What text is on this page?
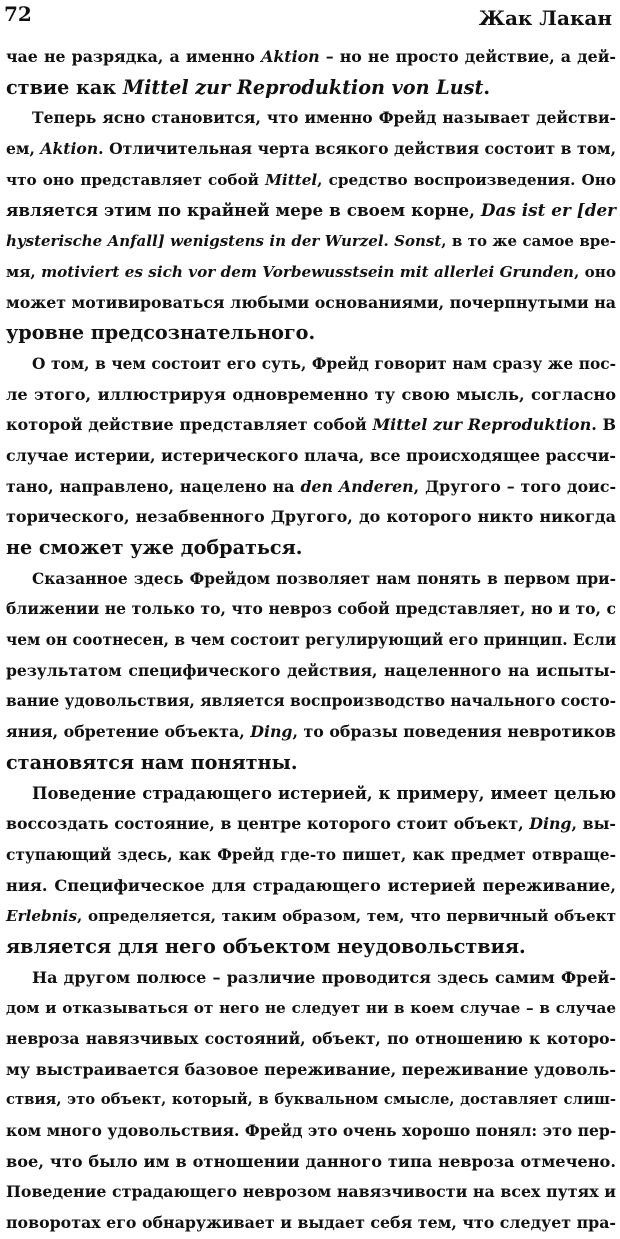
72	Жак Лакан
чае не разрядка, а именно Aktion – но не просто действие, а дей-
ствие как Mittel zur Reproduktion von Lust.
Теперь ясно становится, что именно Фрейд называет действи-
ем, Aktion. Отличительная черта всякого действия состоит в том,
что оно представляет собой Mittel, средство воспроизведения. Оно
является этим по крайней мере в своем корне, Das ist er [der
hysterische Anfall] wenigstens in der Wurzel. Sonst, в то же самое вре-
мя, motiviert es sich vor dem Vorbewusstsein mit allerlei Grunden, оно
может мотивироваться любыми основаниями, почерпнутыми на
уровне предсознательного.
О том, в чем состоит его суть, Фрейд говорит нам сразу же пос-
ле этого, иллюстрируя одновременно ту свою мысль, согласно
которой действие представляет собой Mittel zur Reproduktion. В
случае истерии, истерического плача, все происходящее рассчи-
тано, направлено, нацелено на den Anderen, Другого – того доис-
торического, незабвенного Другого, до которого никто никогда
не сможет уже добраться.
Сказанное здесь Фрейдом позволяет нам понять в первом при-
ближении не только то, что невроз собой представляет, но и то, с
чем он соотнесен, в чем состоит регулирующий его принцип. Если
результатом специфического действия, нацеленного на испыты-
вание удовольствия, является воспроизводство начального состо-
яния, обретение объекта, Ding, то образы поведения невротиков
становятся нам понятны.
Поведение страдающего истерией, к примеру, имеет целью
воссоздать состояние, в центре которого стоит объект, Ding, вы-
ступающий здесь, как Фрейд где-то пишет, как предмет отвраще-
ния. Специфическое для страдающего истерией переживание,
Erlebnis, определяется, таким образом, тем, что первичный объект
является для него объектом неудовольствия.
На другом полюсе – различие проводится здесь самим Фрей-
дом и отказываться от него не следует ни в коем случае – в случае
невроза навязчивых состояний, объект, по отношению к которо-
му выстраивается базовое переживание, переживание удоволь-
ствия, это объект, который, в буквальном смысле, доставляет слиш-
ком много удовольствия. Фрейд это очень хорошо понял: это пер-
вое, что было им в отношении данного типа невроза отмечено.
Поведение страдающего неврозом навязчивости на всех путях и
поворотах его обнаруживает и выдает себя тем, что следует пра-
